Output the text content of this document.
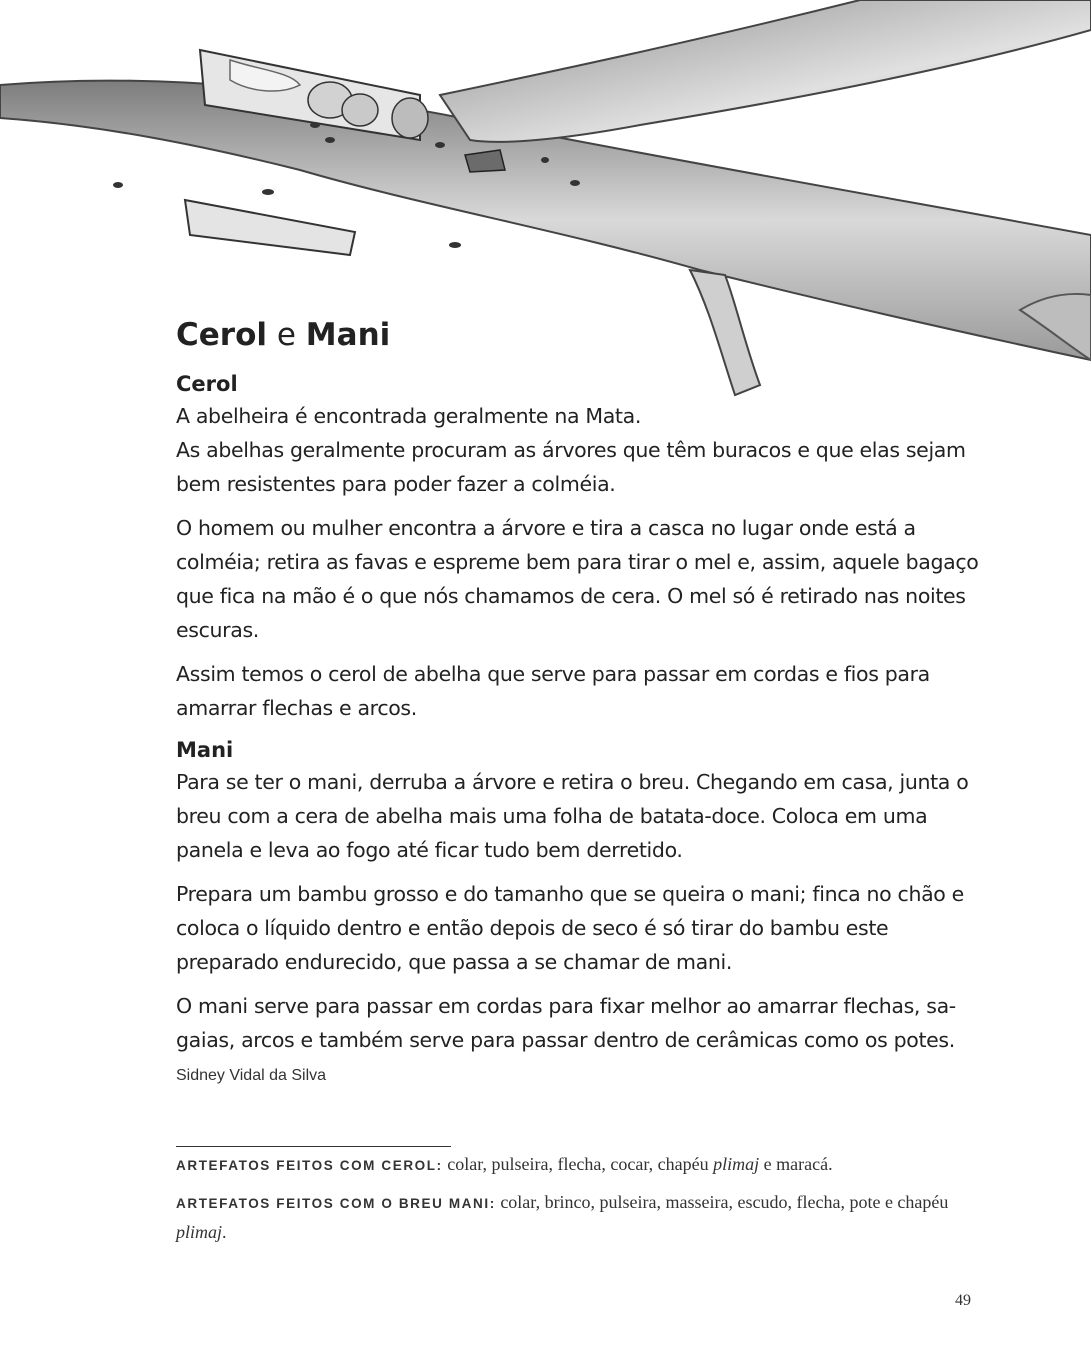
Cerol e Mani
Cerol

A abelheira é encontrada geralmente na Mata.

As abelhas geralmente procuram as árvores que têm buracos e que elas sejam bem resistentes para poder fazer a colméia.

O homem ou mulher encontra a árvore e tira a casca no lugar onde está a colméia; retira as favas e espreme bem para tirar o mel e, assim, aquele bagaço que fica na mão é o que nós chamamos de cera. O mel só é retirado nas noites escuras.

Assim temos o cerol de abelha que serve para passar em cordas e fios para amarrar flechas e arcos.

Mani

Para se ter o mani, derruba a árvore e retira o breu. Chegando em casa, junta o breu com a cera de abelha mais uma folha de batata-doce. Coloca em uma panela e leva ao fogo até ficar tudo bem derretido.

Prepara um bambu grosso e do tamanho que se queira o mani; finca no chão e coloca o líquido dentro e então depois de seco é só tirar do bambu este preparado endurecido, que passa a se chamar de mani.

O mani serve para passar em cordas para fixar melhor ao amarrar flechas, sa-gaias, arcos e também serve para passar dentro de cerâmicas como os potes.

Sidney Vidal da Silva

ARTEFATOS FEITOS COM CEROL: colar, pulseira, flecha, cocar, chapéu plimaj e maracá.

ARTEFATOS FEITOS COM O BREU MANI: colar, brinco, pulseira, masseira, escudo, flecha, pote e chapéu plimaj.

49
